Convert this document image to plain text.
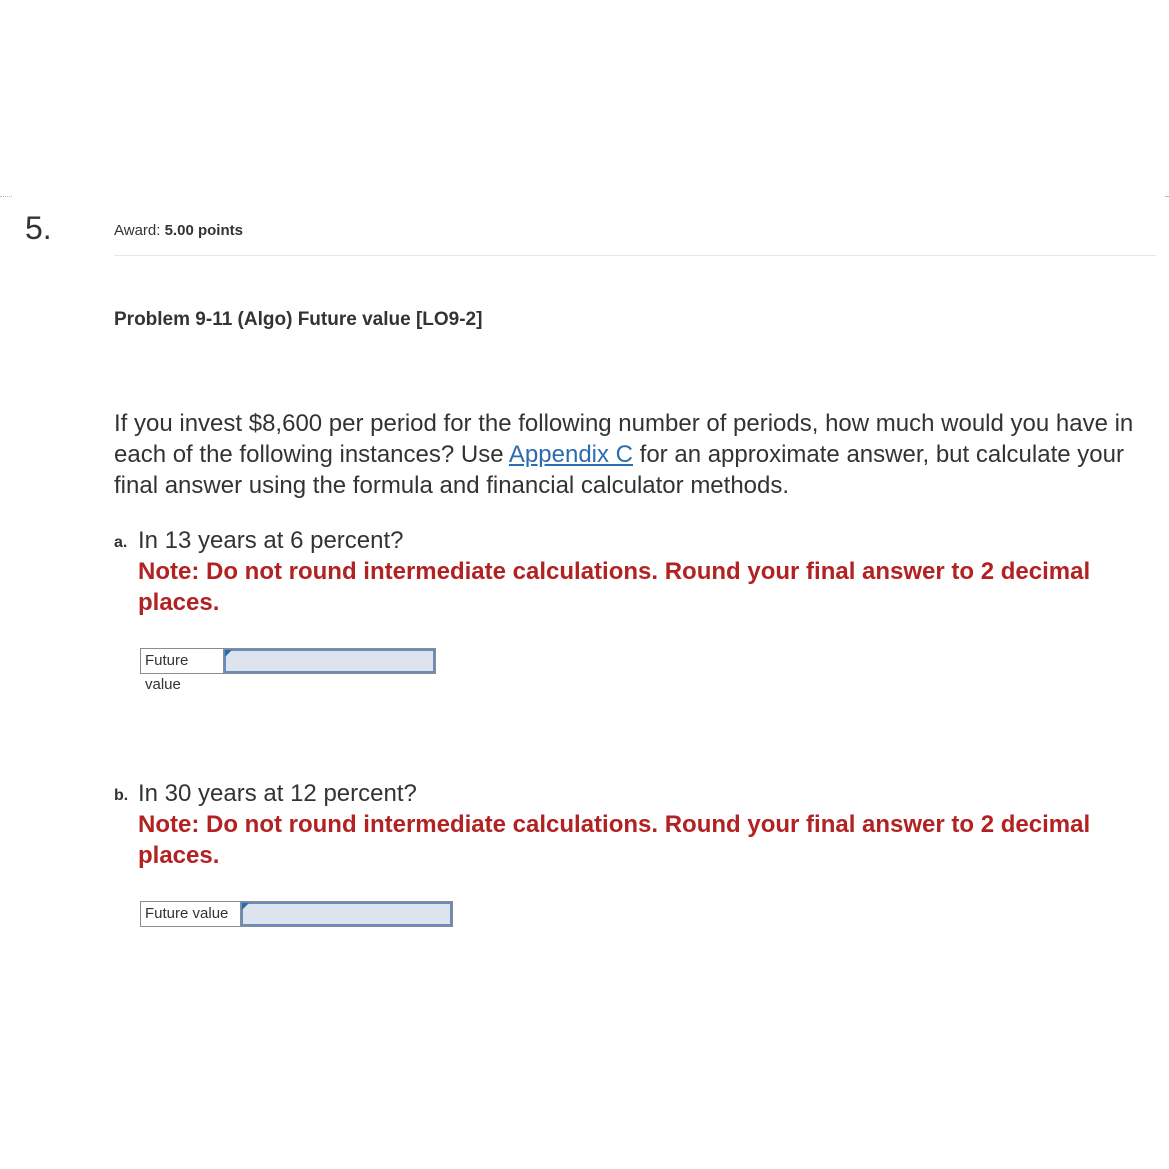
5.	Award: 5.00 points
Problem 9-11 (Algo) Future value [LO9-2]
If you invest $8,600 per period for the following number of periods, how much would you have in each of the following instances? Use Appendix C for an approximate answer, but calculate your final answer using the formula and financial calculator methods.
a. In 13 years at 6 percent?
Note: Do not round intermediate calculations. Round your final answer to 2 decimal places.
Future value
b. In 30 years at 12 percent?
Note: Do not round intermediate calculations. Round your final answer to 2 decimal places.
Future value
